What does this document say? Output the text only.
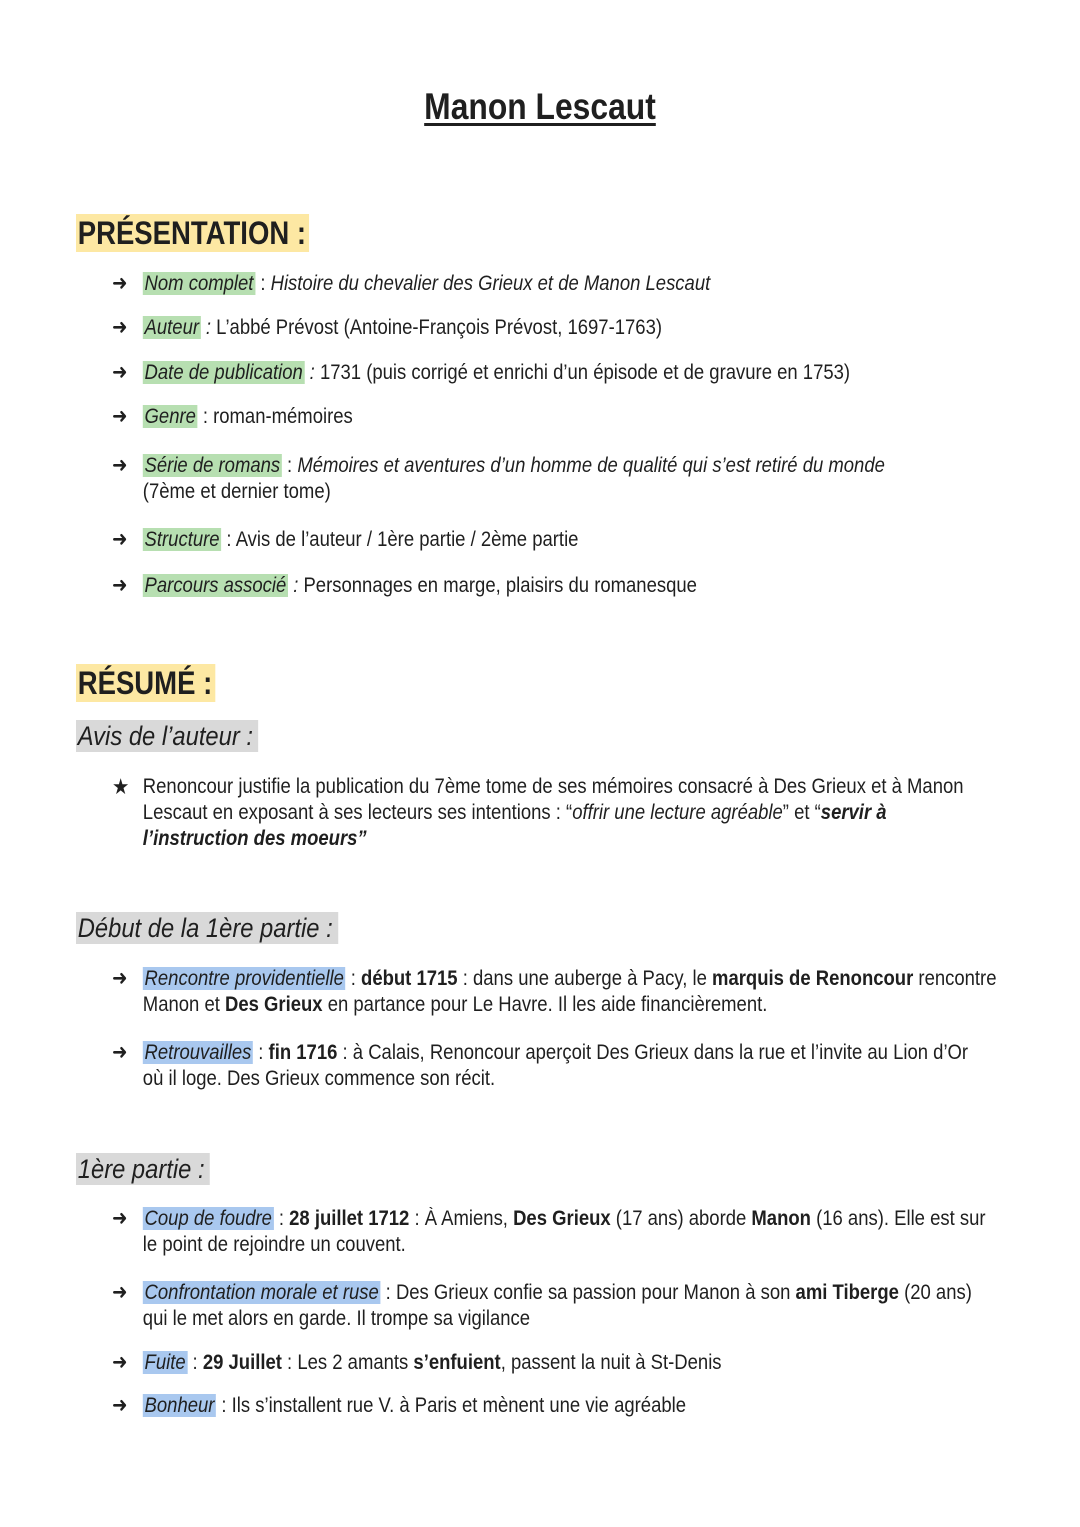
Manon Lescaut
PRÉSENTATION :
➜ Nom complet : Histoire du chevalier des Grieux et de Manon Lescaut
➜ Auteur : L’abbé Prévost (Antoine-François Prévost, 1697-1763)
➜ Date de publication : 1731 (puis corrigé et enrichi d’un épisode et de gravure en 1753)
➜ Genre : roman-mémoires
➜ Série de romans : Mémoires et aventures d’un homme de qualité qui s’est retiré du monde
(7ème et dernier tome)
➜ Structure : Avis de l’auteur / 1ère partie / 2ème partie
➜ Parcours associé : Personnages en marge, plaisirs du romanesque
RÉSUMÉ :
Avis de l’auteur :
★ Renoncour justifie la publication du 7ème tome de ses mémoires consacré à Des Grieux et à Manon
Lescaut en exposant à ses lecteurs ses intentions : “offrir une lecture agréable” et “servir à
l’instruction des moeurs”
Début de la 1ère partie :
➜ Rencontre providentielle : début 1715 : dans une auberge à Pacy, le marquis de Renoncour rencontre
Manon et Des Grieux en partance pour Le Havre. Il les aide financièrement.
➜ Retrouvailles : fin 1716 : à Calais, Renoncour aperçoit Des Grieux dans la rue et l’invite au Lion d’Or
où il loge. Des Grieux commence son récit.
1ère partie :
➜ Coup de foudre : 28 juillet 1712 : À Amiens, Des Grieux (17 ans) aborde Manon (16 ans). Elle est sur
le point de rejoindre un couvent.
➜ Confrontation morale et ruse : Des Grieux confie sa passion pour Manon à son ami Tiberge (20 ans)
qui le met alors en garde. Il trompe sa vigilance
➜ Fuite : 29 Juillet : Les 2 amants s’enfuient, passent la nuit à St-Denis
➜ Bonheur : Ils s’installent rue V. à Paris et mènent une vie agréable
